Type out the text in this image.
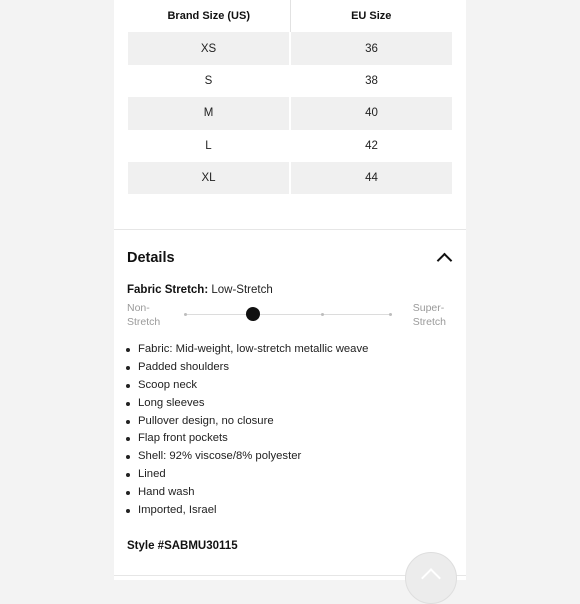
Brand Size (US)	EU Size
XS	36
S	38
M	40
L	42
XL	44
Details
Fabric Stretch: Low-Stretch
Non-
Stretch
Super-
Stretch
Fabric: Mid-weight, low-stretch metallic weave
Padded shoulders
Scoop neck
Long sleeves
Pullover design, no closure
Flap front pockets
Shell: 92% viscose/8% polyester
Lined
Hand wash
Imported, Israel
Style #SABMU30115
